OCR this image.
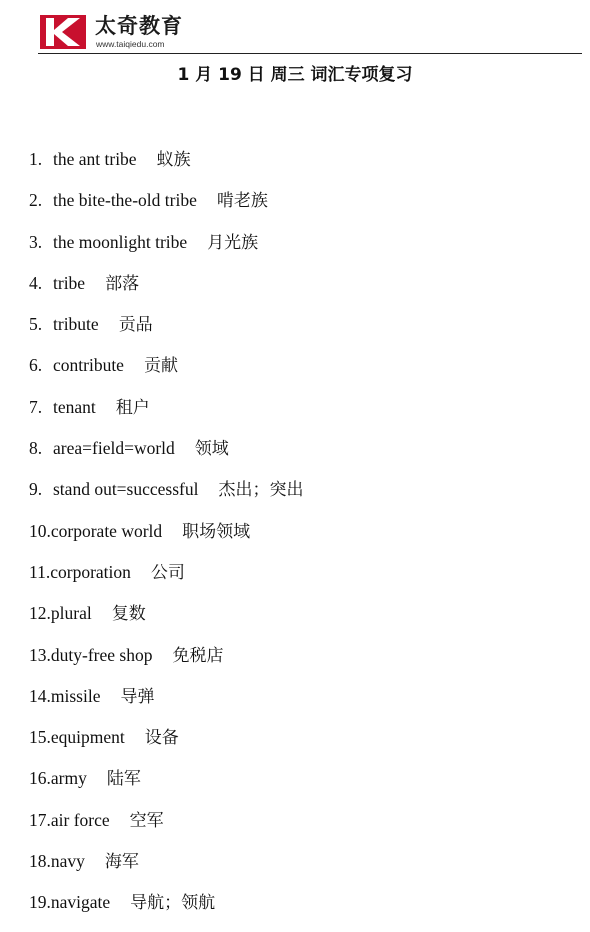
太奇教育
www.taiqiedu.com
1 月 19 日 周三 词汇专项复习
1. the ant tribe 蚁族
2. the bite-the-old tribe 啃老族
3. the moonlight tribe 月光族
4. tribe 部落
5. tribute 贡品
6. contribute 贡献
7. tenant 租户
8. area=field=world 领域
9. stand out=successful 杰出；突出
10.corporate world 职场领域
11.corporation 公司
12.plural 复数
13.duty-free shop 免税店
14.missile 导弹
15.equipment 设备
16.army 陆军
17.air force 空军
18.navy 海军
19.navigate 导航；领航
